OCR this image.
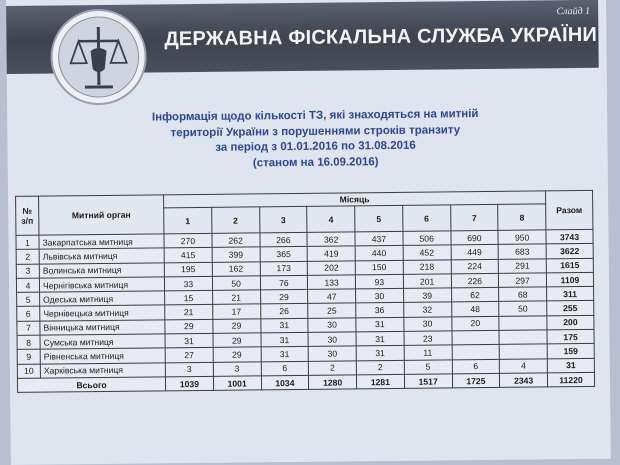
ДЕРЖАВНА ФІСКАЛЬНА СЛУЖБА УКРАЇНИ
Слайд 1
Інформація щодо кількості ТЗ, які знаходяться на митній
території України з порушеннями строків транзиту
за період з 01.01.2016 по 31.08.2016
(станом на 16.09.2016)
№ з/п	Митний орган	Місяць								Разом
		1	2	3	4	5	6	7	8	
1	Закарпатська митниця	270	262	266	362	437	506	690	950	3743
2	Львівська митниця	415	399	365	419	440	452	449	683	3622
3	Волинська митниця	195	162	173	202	150	218	224	291	1615
4	Чернігівська митниця	33	50	76	133	93	201	226	297	1109
5	Одеська митниця	15	21	29	47	30	39	62	68	311
6	Чернівецька митниця	21	17	26	25	36	32	48	50	255
7	Вінницька митниця	29	29	31	30	31	30	20		200
8	Сумська митниця	31	29	31	30	31	23			175
9	Рівненська митниця	27	29	31	30	31	11			159
10	Харківська митниця	3	3	6	2	2	5	6	4	31
Всього		1039	1001	1034	1280	1281	1517	1725	2343	11220
